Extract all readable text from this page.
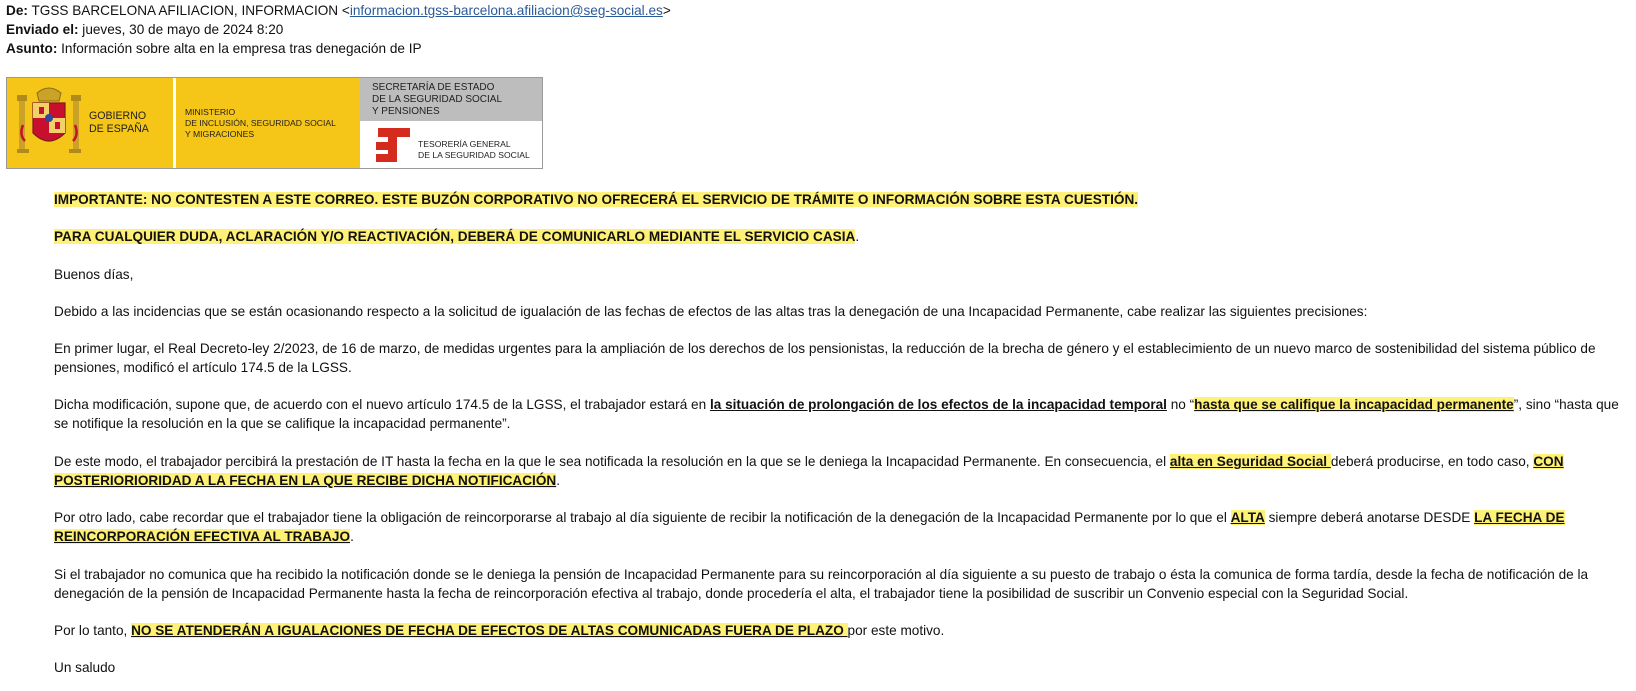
De: TGSS BARCELONA AFILIACION, INFORMACION <informacion.tgss-barcelona.afiliacion@seg-social.es>
Enviado el: jueves, 30 de mayo de 2024 8:20
Asunto: Información sobre alta en la empresa tras denegación de IP
GOBIERNO
DE ESPAÑA
MINISTERIO
DE INCLUSIÓN, SEGURIDAD SOCIAL
Y MIGRACIONES
SECRETARÍA DE ESTADO
DE LA SEGURIDAD SOCIAL
Y PENSIONES
TESORERÍA GENERAL
DE LA SEGURIDAD SOCIAL
IMPORTANTE: NO CONTESTEN A ESTE CORREO. ESTE BUZÓN CORPORATIVO NO OFRECERÁ EL SERVICIO DE TRÁMITE O INFORMACIÓN SOBRE ESTA CUESTIÓN.
PARA CUALQUIER DUDA, ACLARACIÓN Y/O REACTIVACIÓN, DEBERÁ DE COMUNICARLO MEDIANTE EL SERVICIO CASIA.
Buenos días,
Debido a las incidencias que se están ocasionando respecto a la solicitud de igualación de las fechas de efectos de las altas tras la denegación de una Incapacidad Permanente, cabe realizar las siguientes precisiones:
En primer lugar, el Real Decreto-ley 2/2023, de 16 de marzo, de medidas urgentes para la ampliación de los derechos de los pensionistas, la reducción de la brecha de género y el establecimiento de un nuevo marco de sostenibilidad del sistema público de pensiones, modificó el artículo 174.5 de la LGSS.
Dicha modificación, supone que, de acuerdo con el nuevo artículo 174.5 de la LGSS, el trabajador estará en la situación de prolongación de los efectos de la incapacidad temporal no “hasta que se califique la incapacidad permanente”, sino “hasta que se notifique la resolución en la que se califique la incapacidad permanente”.
De este modo, el trabajador percibirá la prestación de IT hasta la fecha en la que le sea notificada la resolución en la que se le deniega la Incapacidad Permanente. En consecuencia, el alta en Seguridad Social deberá producirse, en todo caso, CON POSTERIORIORIDAD A LA FECHA EN LA QUE RECIBE DICHA NOTIFICACIÓN.
Por otro lado, cabe recordar que el trabajador tiene la obligación de reincorporarse al trabajo al día siguiente de recibir la notificación de la denegación de la Incapacidad Permanente por lo que el ALTA siempre deberá anotarse DESDE LA FECHA DE REINCORPORACIÓN EFECTIVA AL TRABAJO.
Si el trabajador no comunica que ha recibido la notificación donde se le deniega la pensión de Incapacidad Permanente para su reincorporación al día siguiente a su puesto de trabajo o ésta la comunica de forma tardía, desde la fecha de notificación de la denegación de la pensión de Incapacidad Permanente hasta la fecha de reincorporación efectiva al trabajo, donde procedería el alta, el trabajador tiene la posibilidad de suscribir un Convenio especial con la Seguridad Social.
Por lo tanto, NO SE ATENDERÁN A IGUALACIONES DE FECHA DE EFECTOS DE ALTAS COMUNICADAS FUERA DE PLAZO por este motivo.
Un saludo
